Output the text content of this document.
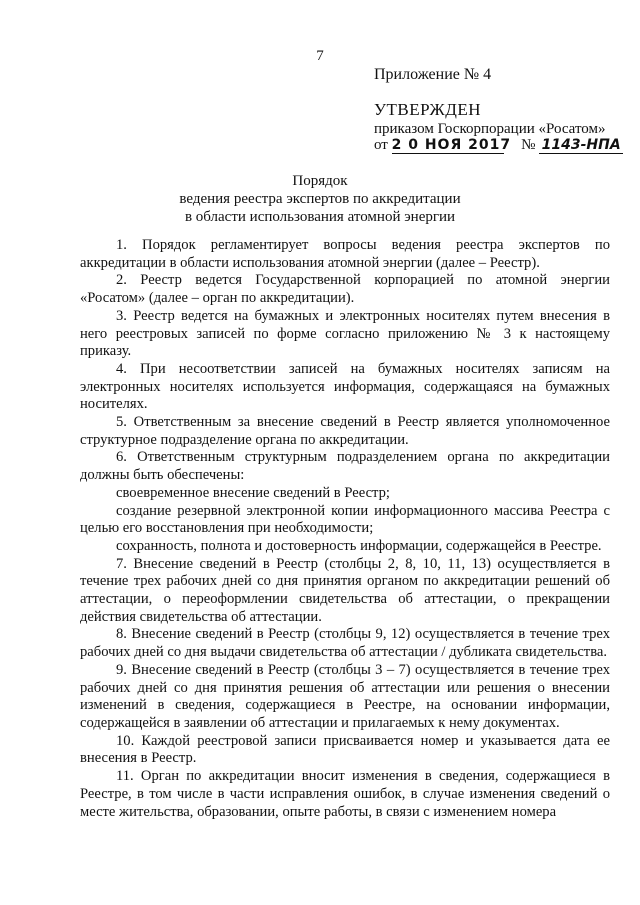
7
Приложение № 4
УТВЕРЖДЕН
приказом Госкорпорации «Росатом»
от 2 0 НОЯ 2017 № 1143-НПА
Порядок
ведения реестра экспертов по аккредитации
в области использования атомной энергии

1. Порядок регламентирует вопросы ведения реестра экспертов по аккредитации в области использования атомной энергии (далее – Реестр).

2. Реестр ведется Государственной корпорацией по атомной энергии «Росатом» (далее – орган по аккредитации).

3. Реестр ведется на бумажных и электронных носителях путем внесения в него реестровых записей по форме согласно приложению № 3 к настоящему приказу.

4. При несоответствии записей на бумажных носителях записям на электронных носителях используется информация, содержащаяся на бумажных носителях.

5. Ответственным за внесение сведений в Реестр является уполномоченное структурное подразделение органа по аккредитации.

6. Ответственным структурным подразделением органа по аккредитации должны быть обеспечены:

своевременное внесение сведений в Реестр;

создание резервной электронной копии информационного массива Реестра с целью его восстановления при необходимости;

сохранность, полнота и достоверность информации, содержащейся в Реестре.

7. Внесение сведений в Реестр (столбцы 2, 8, 10, 11, 13) осуществляется в течение трех рабочих дней со дня принятия органом по аккредитации решений об аттестации, о переоформлении свидетельства об аттестации, о прекращении действия свидетельства об аттестации.

8. Внесение сведений в Реестр (столбцы 9, 12) осуществляется в течение трех рабочих дней со дня выдачи свидетельства об аттестации / дубликата свидетельства.

9. Внесение сведений в Реестр (столбцы 3 – 7) осуществляется в течение трех рабочих дней со дня принятия решения об аттестации или решения о внесении изменений в сведения, содержащиеся в Реестре, на основании информации, содержащейся в заявлении об аттестации и прилагаемых к нему документах.

10. Каждой реестровой записи присваивается номер и указывается дата ее внесения в Реестр.

11. Орган по аккредитации вносит изменения в сведения, содержащиеся в Реестре, в том числе в части исправления ошибок, в случае изменения сведений о месте жительства, образовании, опыте работы, в связи с изменением номера
